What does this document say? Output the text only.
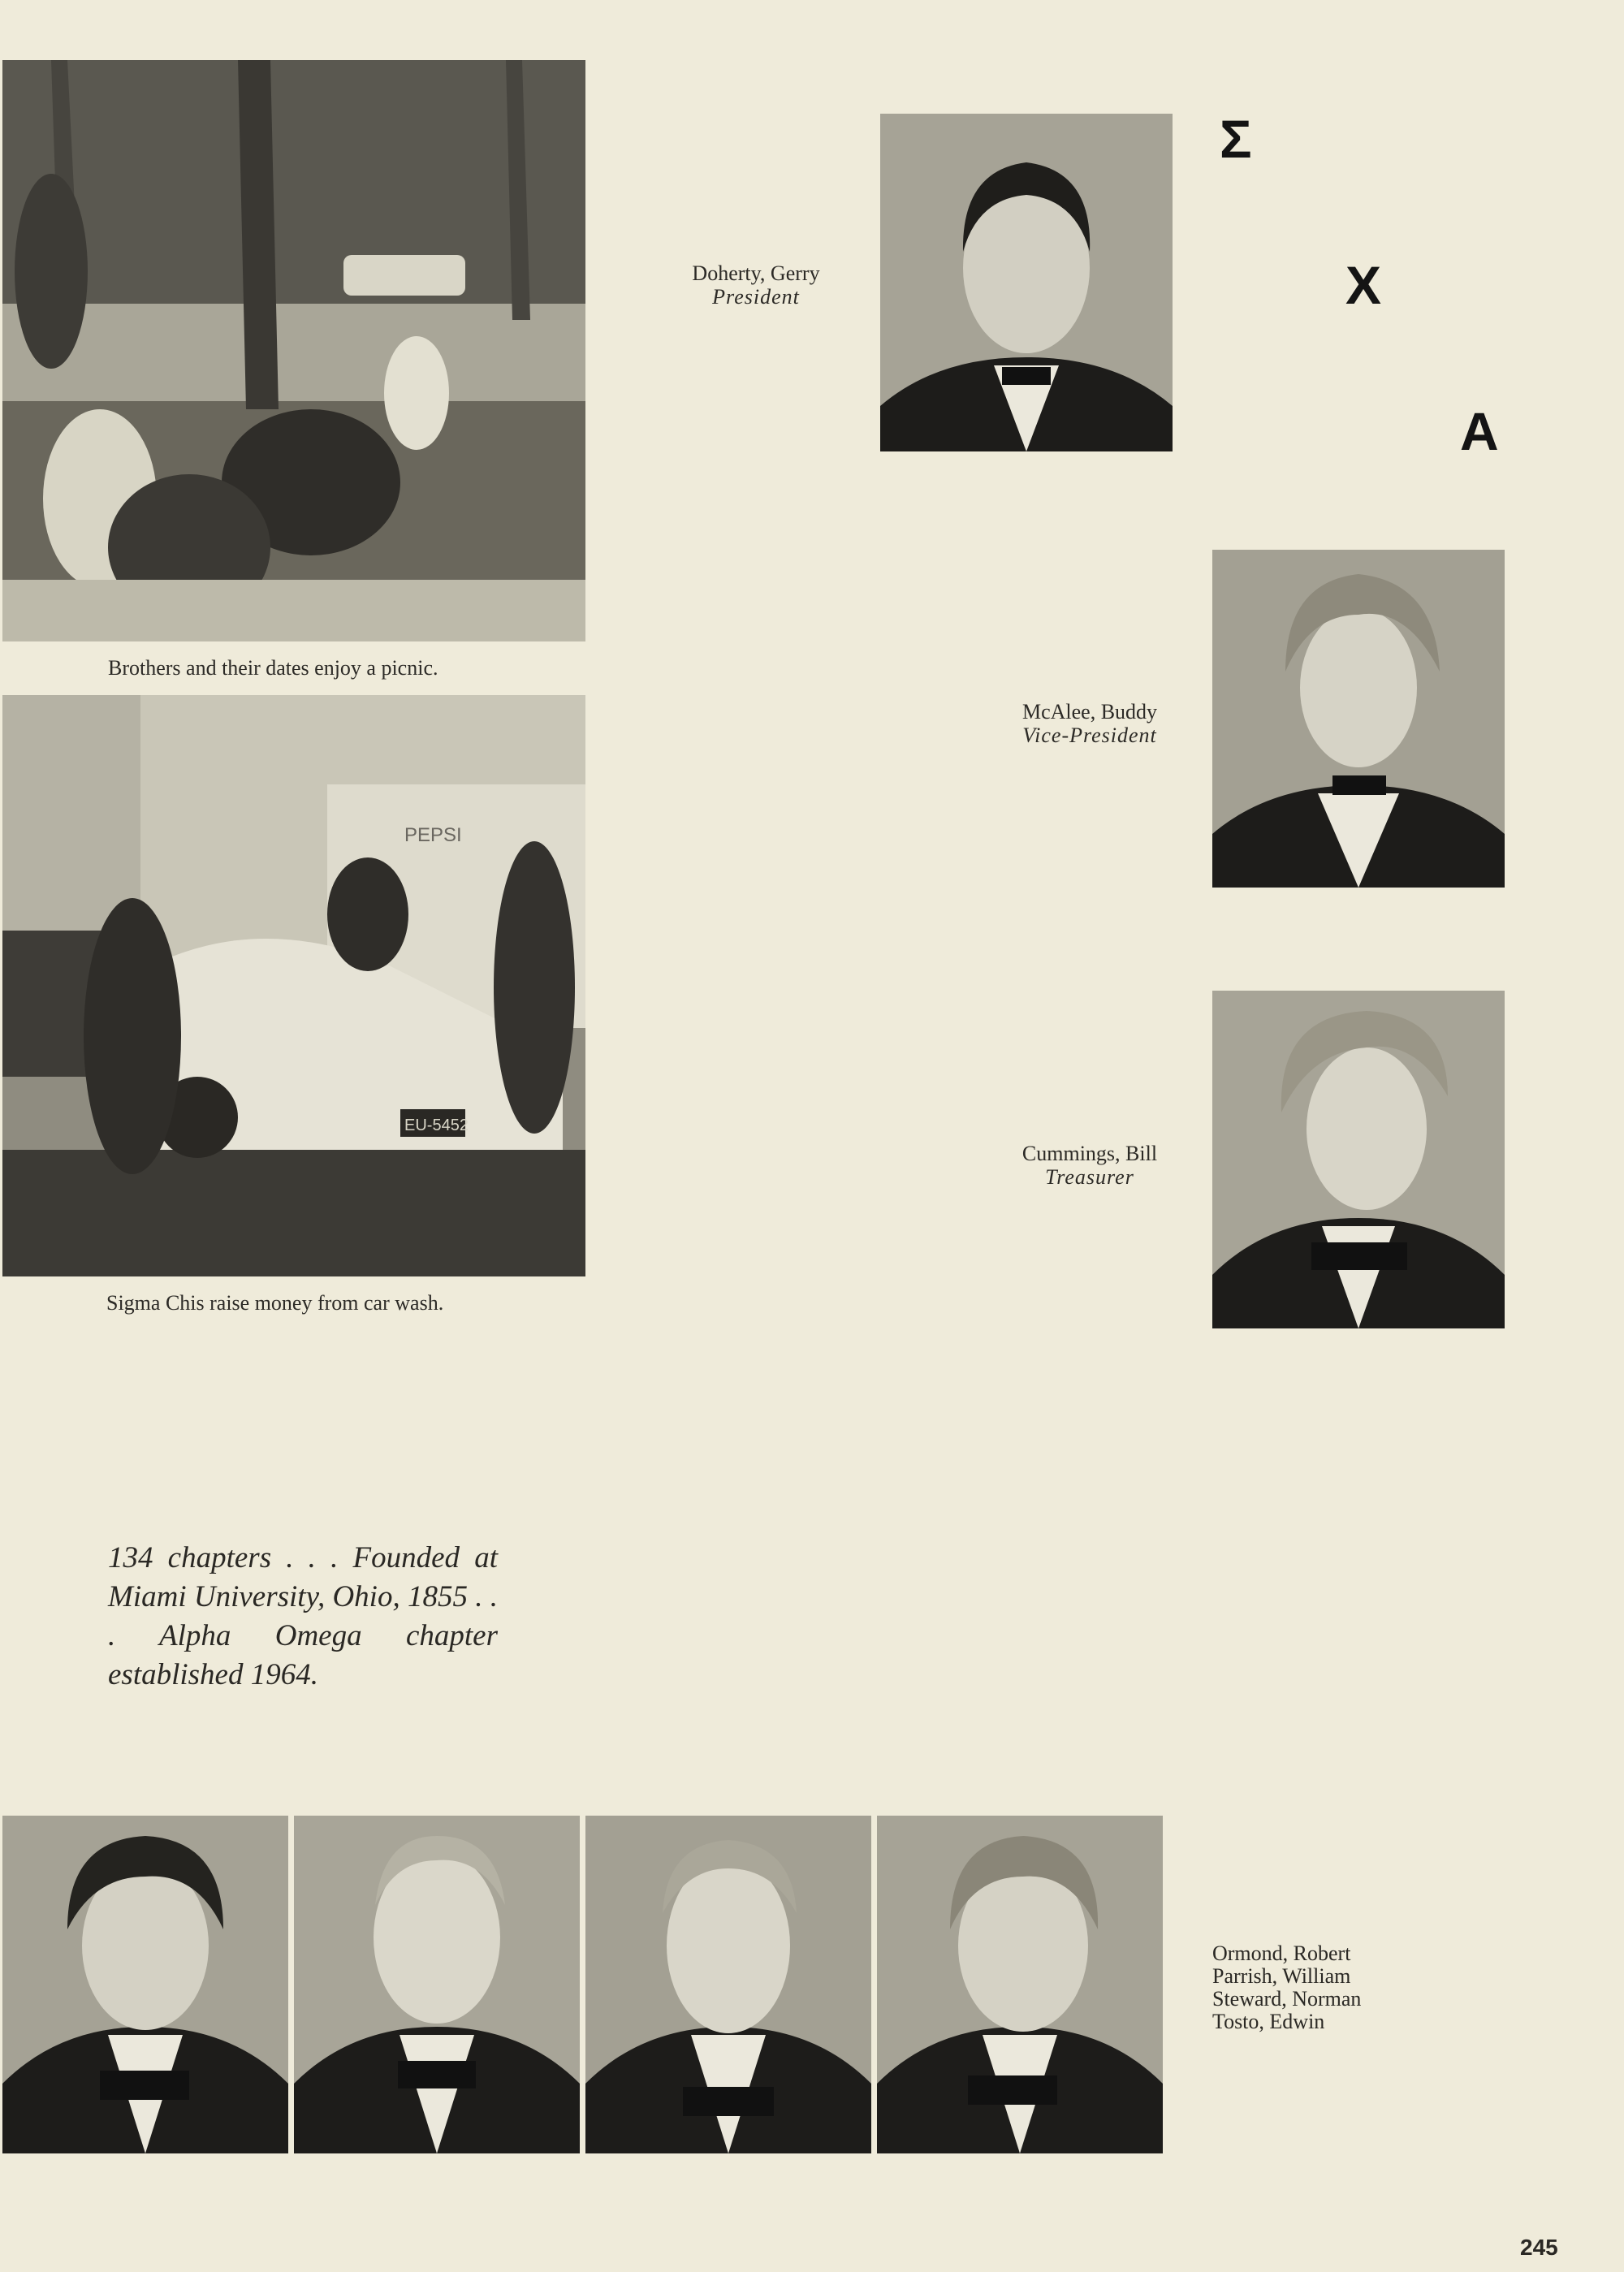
Σ
X
A
Brothers and their dates enjoy a picnic.
PEPSI
EU-5452
Sigma Chis raise money from car wash.
Doherty, Gerry
President
McAlee, Buddy
Vice-President
Cummings, Bill
Treasurer
134 chapters . . . Founded at Miami University, Ohio, 1855 . . . Alpha Omega chapter established 1964.
Ormond, Robert
Parrish, William
Steward, Norman
Tosto, Edwin
245
